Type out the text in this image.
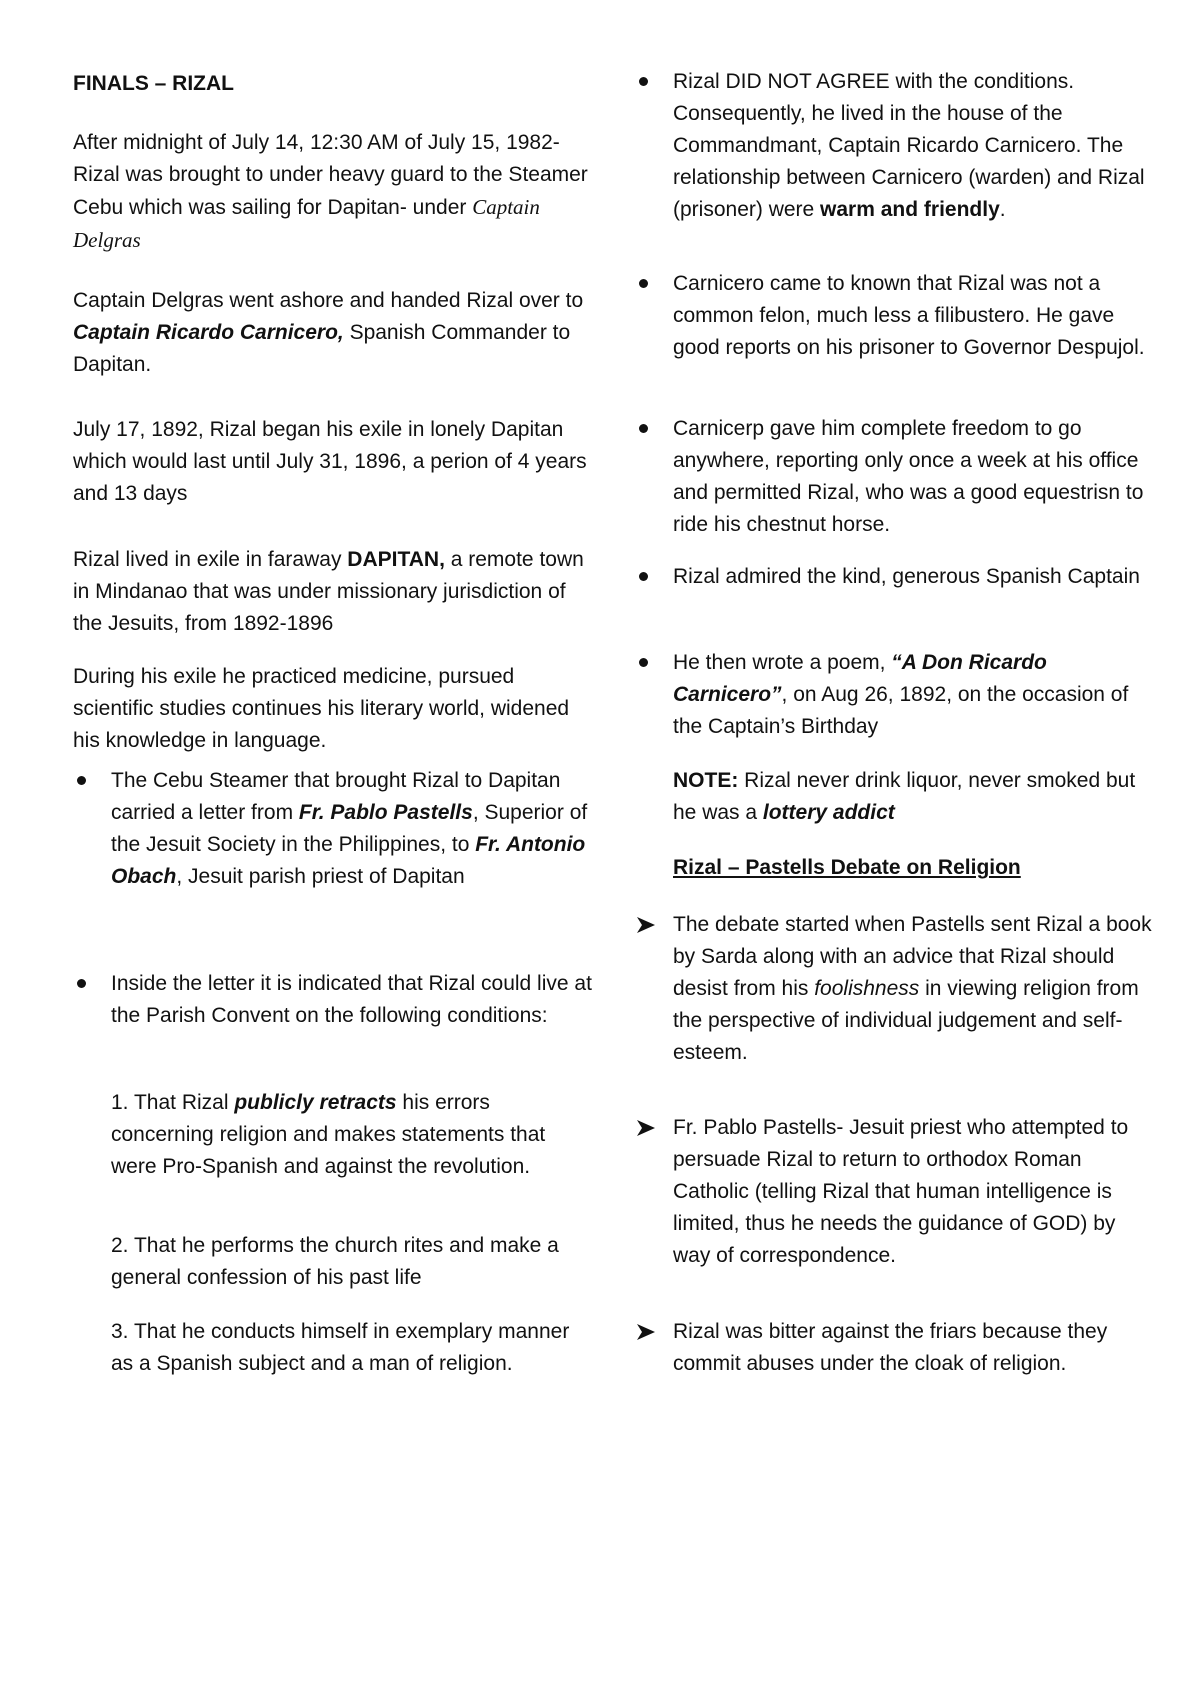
FINALS – RIZAL

After midnight of July 14, 12:30 AM of July 15, 1982- Rizal was brought to under heavy guard to the Steamer Cebu which was sailing for Dapitan- under Captain Delgras

Captain Delgras went ashore and handed Rizal over to Captain Ricardo Carnicero, Spanish Commander to Dapitan.

July 17, 1892, Rizal began his exile in lonely Dapitan which would last until July 31, 1896, a perion of 4 years and 13 days

Rizal lived in exile in faraway DAPITAN, a remote town in Mindanao that was under missionary jurisdiction of the Jesuits, from 1892-1896

During his exile he practiced medicine, pursued scientific studies continues his literary world, widened his knowledge in language.

The Cebu Steamer that brought Rizal to Dapitan carried a letter from Fr. Pablo Pastells, Superior of the Jesuit Society in the Philippines, to Fr. Antonio Obach, Jesuit parish priest of Dapitan
Inside the letter it is indicated that Rizal could live at the Parish Convent on the following conditions:

1. That Rizal publicly retracts his errors concerning religion and makes statements that were Pro-Spanish and against the revolution.

2. That he performs the church rites and make a general confession of his past life

3. That he conducts himself in exemplary manner as a Spanish subject and a man of religion.

Rizal DID NOT AGREE with the conditions. Consequently, he lived in the house of the Commandmant, Captain Ricardo Carnicero. The relationship between Carnicero (warden) and Rizal (prisoner) were warm and friendly.
Carnicero came to known that Rizal was not a common felon, much less a filibustero. He gave good reports on his prisoner to Governor Despujol.
Carnicerp gave him complete freedom to go anywhere, reporting only once a week at his office and permitted Rizal, who was a good equestrisn to ride his chestnut horse.
Rizal admired the kind, generous Spanish Captain
He then wrote a poem, “A Don Ricardo Carnicero”, on Aug 26, 1892, on the occasion of the Captain’s Birthday

NOTE: Rizal never drink liquor, never smoked but he was a lottery addict

Rizal – Pastells Debate on Religion

The debate started when Pastells sent Rizal a book by Sarda along with an advice that Rizal should desist from his foolishness in viewing religion from the perspective of individual judgement and self-esteem.
Fr. Pablo Pastells- Jesuit priest who attempted to persuade Rizal to return to orthodox Roman Catholic (telling Rizal that human intelligence is limited, thus he needs the guidance of GOD) by way of correspondence.
Rizal was bitter against the friars because they commit abuses under the cloak of religion.
